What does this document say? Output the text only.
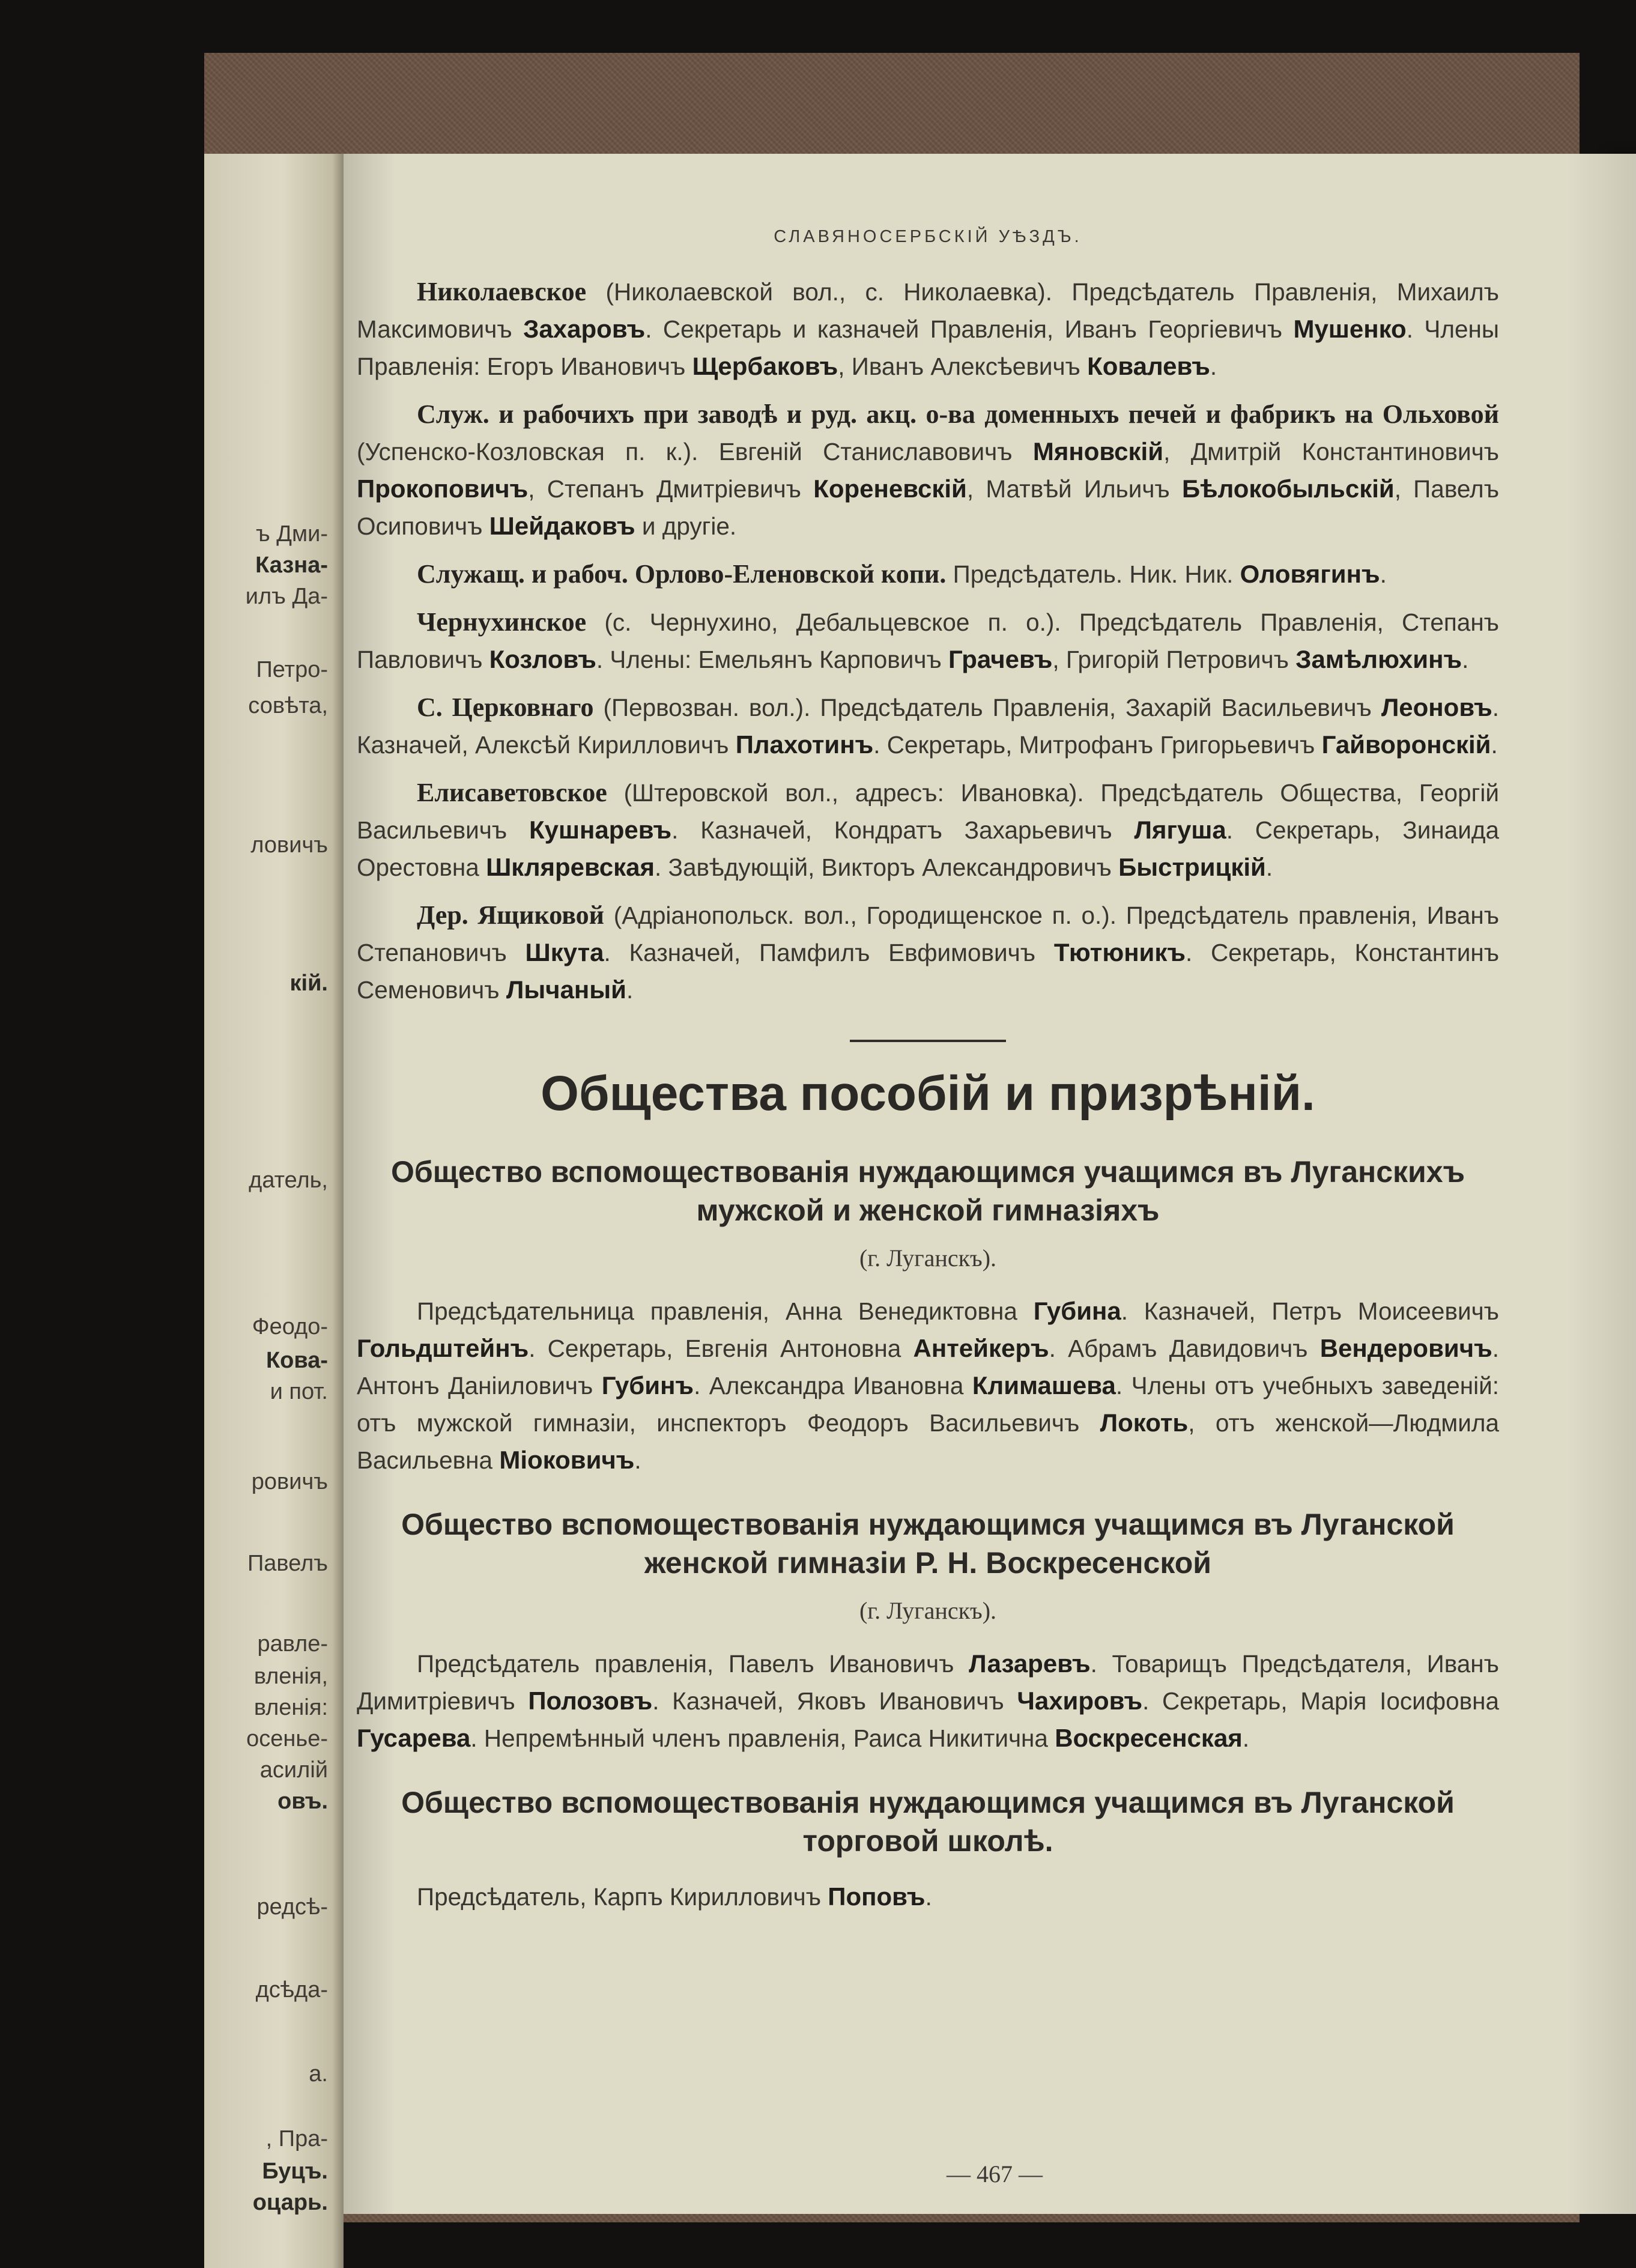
ъ Дми-
Казна-
илъ Да-
Петро-
совѣта,
ловичъ
кій.
датель,
Феодо-
Кова-
и пот.
ровичъ
Павелъ
равле-
вленія,
вленія:
осенье-
асилій
овъ.
редсѣ-
дсѣда-
а.
, Пра-
Буцъ.
оцарь.
СЛАВЯНОСЕРБСКІЙ УѢЗДЪ.

Николаевское (Николаевской вол., с. Николаевка). Предсѣдатель Правленія, Михаилъ Максимовичъ Захаровъ. Секретарь и казначей Правленія, Иванъ Георгіевичъ Мушенко. Члены Правленія: Егоръ Ивановичъ Щербаковъ, Иванъ Алексѣевичъ Ковалевъ.

Служ. и рабочихъ при заводѣ и руд. акц. о-ва доменныхъ печей и фабрикъ на Ольховой (Успенско-Козловская п. к.). Евгеній Станиславовичъ Мяновскій, Дмитрій Константиновичъ Прокоповичъ, Степанъ Дмитріевичъ Кореневскій, Матвѣй Ильичъ Бѣлокобыльскій, Павелъ Осиповичъ Шейдаковъ и другіе.

Служащ. и рабоч. Орлово-Еленовской копи. Предсѣдатель. Ник. Ник. Оловягинъ.

Чернухинское (с. Чернухино, Дебальцевское п. о.). Предсѣдатель Правленія, Степанъ Павловичъ Козловъ. Члены: Емельянъ Карповичъ Грачевъ, Григорій Петровичъ Замѣлюхинъ.

С. Церковнаго (Первозван. вол.). Предсѣдатель Правленія, Захарій Васильевичъ Леоновъ. Казначей, Алексѣй Кирилловичъ Плахотинъ. Секретарь, Митрофанъ Григорьевичъ Гайворонскій.

Елисаветовское (Штеровской вол., адресъ: Ивановка). Предсѣдатель Общества, Георгій Васильевичъ Кушнаревъ. Казначей, Кондратъ Захарьевичъ Лягуша. Секретарь, Зинаида Орестовна Шкляревская. Завѣдующій, Викторъ Александровичъ Быстрицкій.

Дер. Ящиковой (Адріанопольск. вол., Городищенское п. о.). Предсѣдатель правленія, Иванъ Степановичъ Шкута. Казначей, Памфилъ Евфимовичъ Тютюникъ. Секретарь, Константинъ Семеновичъ Лычаный.

Общества пособій и призрѣній.
Общество вспомоществованія нуждающимся учащимся въ Луганскихъ мужской и женской гимназіяхъ
(г. Луганскъ).

Предсѣдательница правленія, Анна Венедиктовна Губина. Казначей, Петръ Моисеевичъ Гольдштейнъ. Секретарь, Евгенія Антоновна Антейкеръ. Абрамъ Давидовичъ Вендеровичъ. Антонъ Даніиловичъ Губинъ. Александра Ивановна Климашева. Члены отъ учебныхъ заведеній: отъ мужской гимназіи, инспекторъ Феодоръ Васильевичъ Локоть, отъ женской—Людмила Васильевна Міоковичъ.

Общество вспомоществованія нуждающимся учащимся въ Луганской женской гимназіи Р. Н. Воскресенской
(г. Луганскъ).

Предсѣдатель правленія, Павелъ Ивановичъ Лазаревъ. Товарищъ Предсѣдателя, Иванъ Димитріевичъ Полозовъ. Казначей, Яковъ Ивановичъ Чахировъ. Секретарь, Марія Іосифовна Гусарева. Непремѣнный членъ правленія, Раиса Никитична Воскресенская.

Общество вспомоществованія нуждающимся учащимся въ Луганской торговой школѣ.

Предсѣдатель, Карпъ Кирилловичъ Поповъ.

— 467 —
